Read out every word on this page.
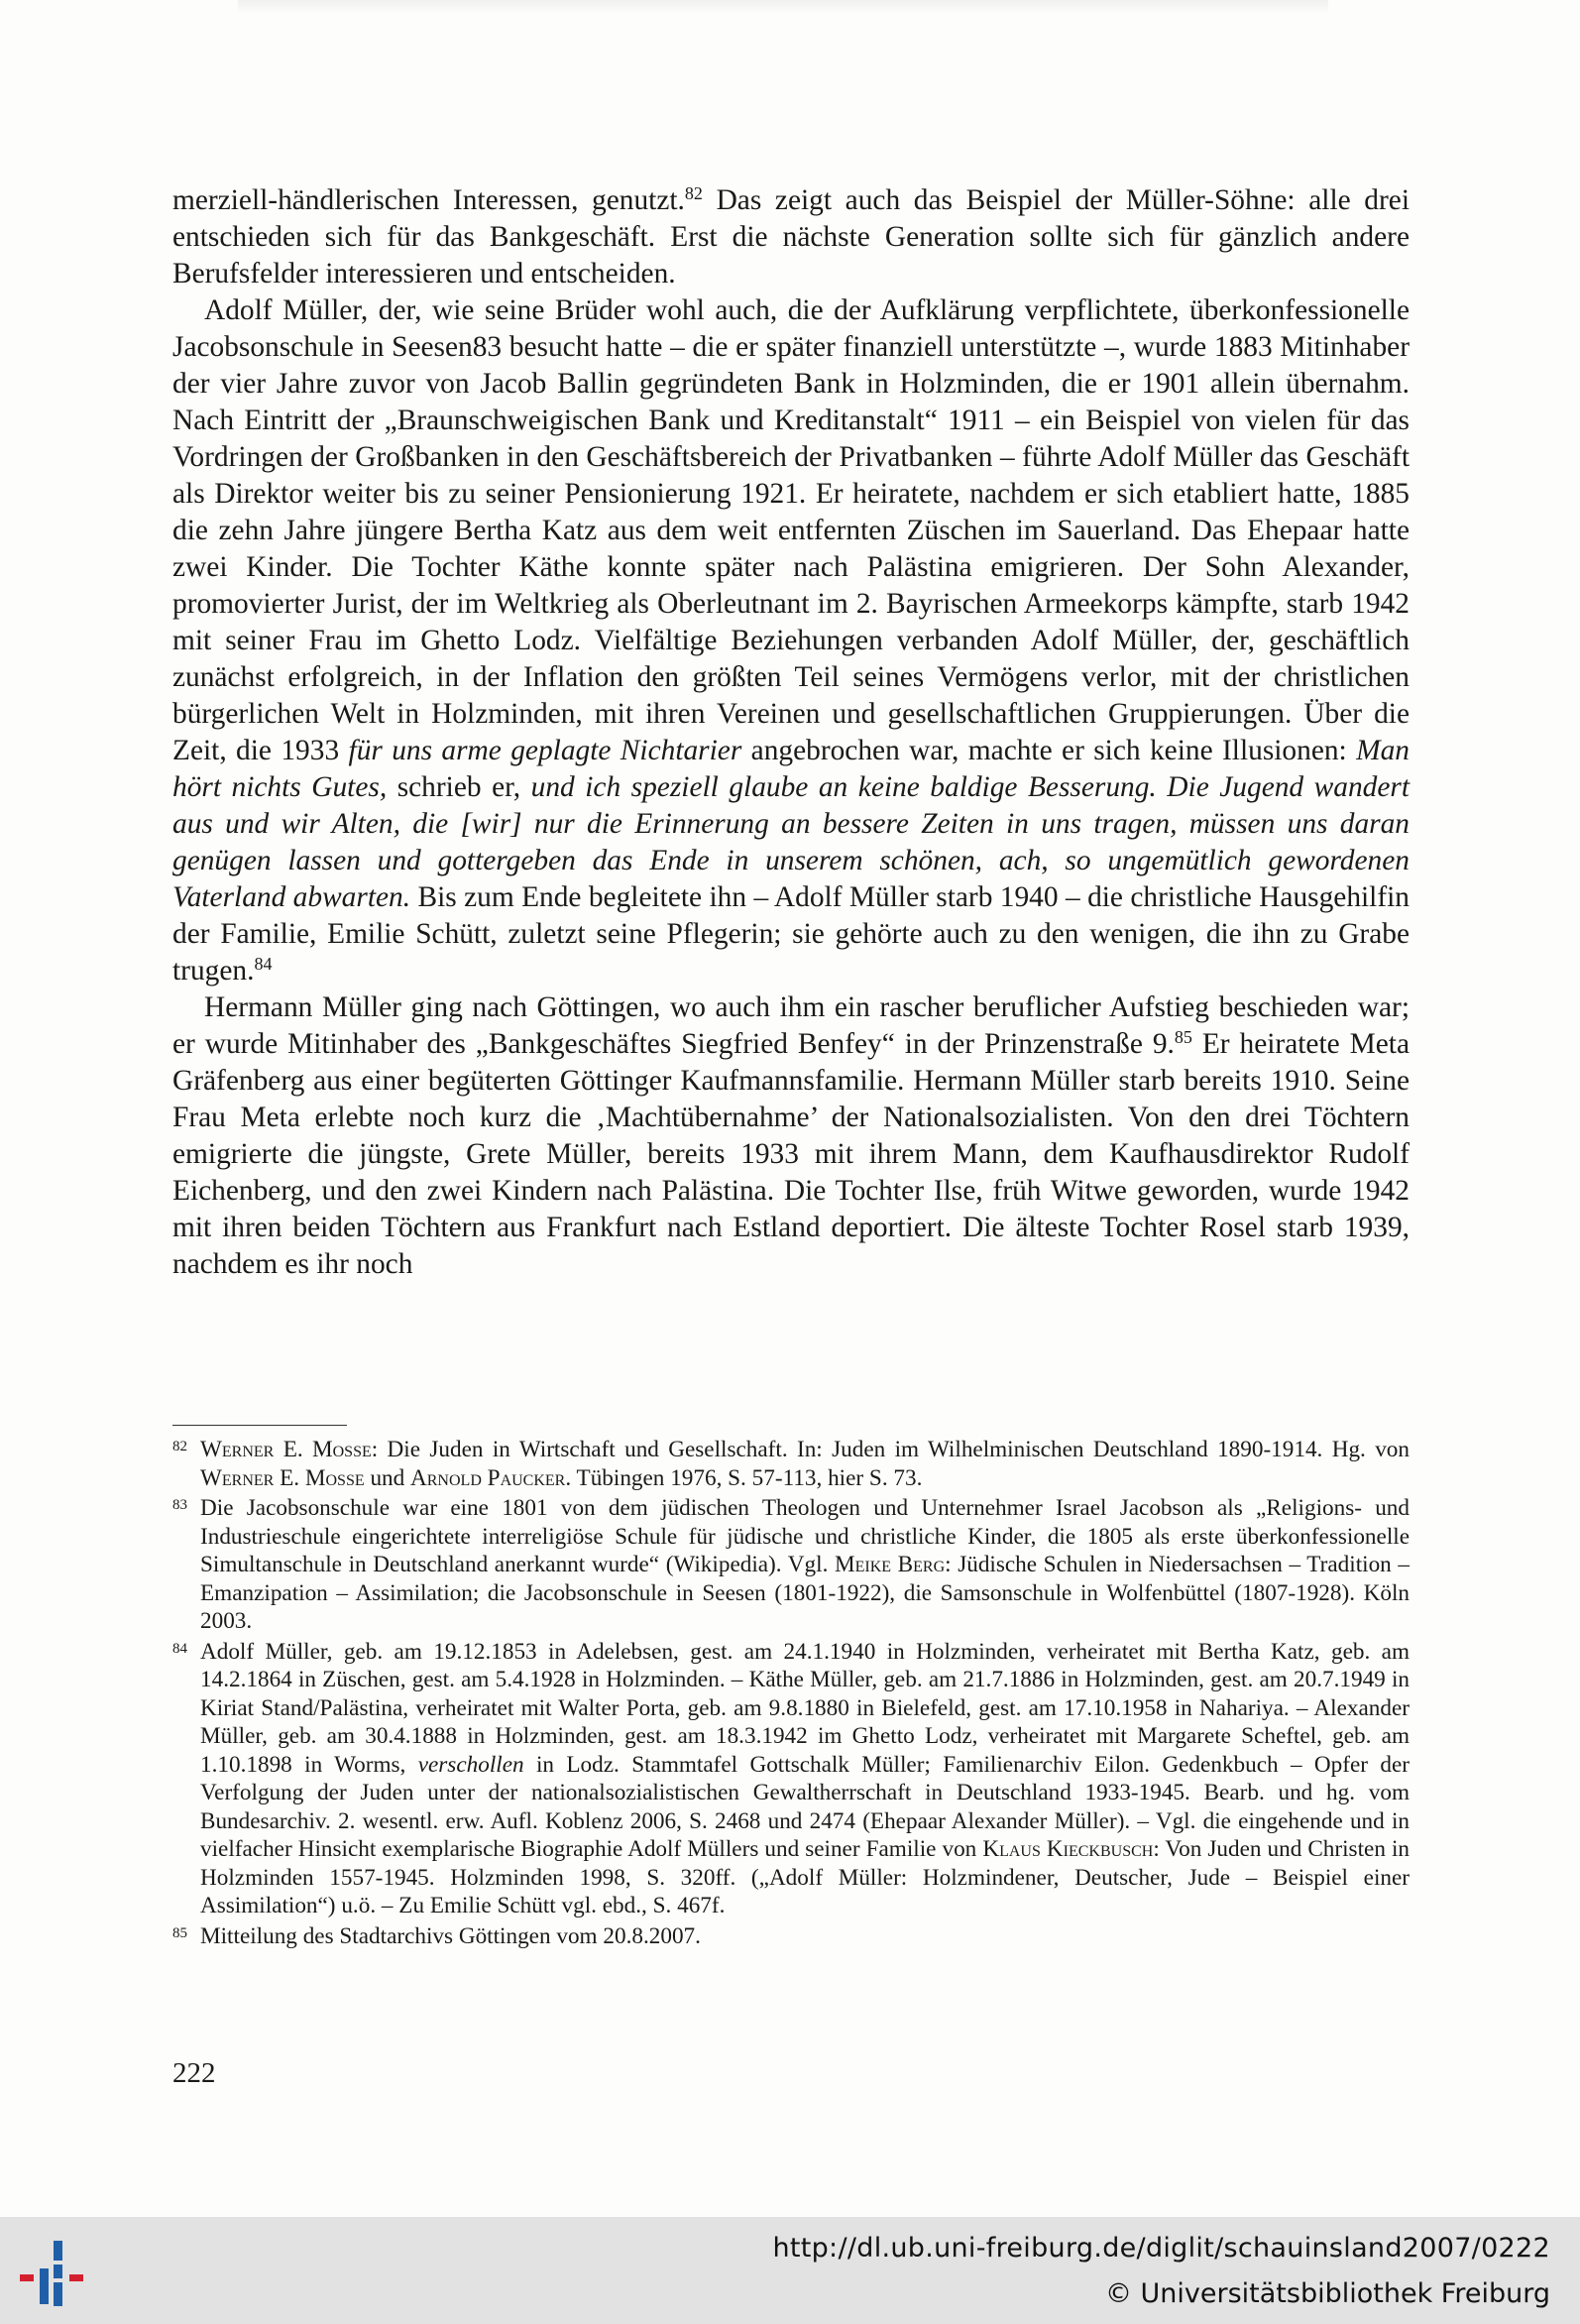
merziell-händlerischen Interessen, genutzt.$^{82}$ Das zeigt auch das Beispiel der Müller-Söhne: alle drei entschieden sich für das Bankgeschäft. Erst die nächste Generation sollte sich für gänzlich andere Berufsfelder interessieren und entscheiden.

Adolf Müller, der, wie seine Brüder wohl auch, die der Aufklärung verpflichtete, überkonfessionelle Jacobsonschule in Seesen83 besucht hatte – die er später finanziell unterstützte –, wurde 1883 Mitinhaber der vier Jahre zuvor von Jacob Ballin gegründeten Bank in Holzminden, die er 1901 allein übernahm. Nach Eintritt der „Braunschweigischen Bank und Kreditanstalt“ 1911 – ein Beispiel von vielen für das Vordringen der Großbanken in den Geschäftsbereich der Privatbanken – führte Adolf Müller das Geschäft als Direktor weiter bis zu seiner Pensionierung 1921. Er heiratete, nachdem er sich etabliert hatte, 1885 die zehn Jahre jüngere Bertha Katz aus dem weit entfernten Züschen im Sauerland. Das Ehepaar hatte zwei Kinder. Die Tochter Käthe konnte später nach Palästina emigrieren. Der Sohn Alexander, promovierter Jurist, der im Weltkrieg als Oberleutnant im 2. Bayrischen Armeekorps kämpfte, starb 1942 mit seiner Frau im Ghetto Lodz. Vielfältige Beziehungen verbanden Adolf Müller, der, geschäftlich zunächst erfolgreich, in der Inflation den größten Teil seines Vermögens verlor, mit der christlichen bürgerlichen Welt in Holzminden, mit ihren Vereinen und gesellschaftlichen Gruppierungen. Über die Zeit, die 1933 für uns arme geplagte Nichtarier angebrochen war, machte er sich keine Illusionen: Man hört nichts Gutes, schrieb er, und ich speziell glaube an keine baldige Besserung. Die Jugend wandert aus und wir Alten, die [wir] nur die Erinnerung an bessere Zeiten in uns tragen, müssen uns daran genügen lassen und gottergeben das Ende in unserem schönen, ach, so ungemütlich gewordenen Vaterland abwarten. Bis zum Ende begleitete ihn – Adolf Müller starb 1940 – die christliche Hausgehilfin der Familie, Emilie Schütt, zuletzt seine Pflegerin; sie gehörte auch zu den wenigen, die ihn zu Grabe trugen.$^{84}$

Hermann Müller ging nach Göttingen, wo auch ihm ein rascher beruflicher Aufstieg beschieden war; er wurde Mitinhaber des „Bankgeschäftes Siegfried Benfey“ in der Prinzenstraße 9.85 Er heiratete Meta Gräfenberg aus einer begüterten Göttinger Kaufmannsfamilie. Hermann Müller starb bereits 1910. Seine Frau Meta erlebte noch kurz die ‚Machtübernahme’ der Nationalsozialisten. Von den drei Töchtern emigrierte die jüngste, Grete Müller, bereits 1933 mit ihrem Mann, dem Kaufhausdirektor Rudolf Eichenberg, und den zwei Kindern nach Palästina. Die Tochter Ilse, früh Witwe geworden, wurde 1942 mit ihren beiden Töchtern aus Frankfurt nach Estland deportiert. Die älteste Tochter Rosel starb 1939, nachdem es ihr noch

82 Werner E. Mosse: Die Juden in Wirtschaft und Gesellschaft. In: Juden im Wilhelminischen Deutschland 1890-1914. Hg. von Werner E. Mosse und Arnold Paucker. Tübingen 1976, S. 57-113, hier S. 73.
83 Die Jacobsonschule war eine 1801 von dem jüdischen Theologen und Unternehmer Israel Jacobson als „Religions- und Industrieschule eingerichtete interreligiöse Schule für jüdische und christliche Kinder, die 1805 als erste überkonfessionelle Simultanschule in Deutschland anerkannt wurde“ (Wikipedia). Vgl. Meike Berg: Jüdische Schulen in Niedersachsen – Tradition – Emanzipation – Assimilation; die Jacobsonschule in Seesen (1801-1922), die Samsonschule in Wolfenbüttel (1807-1928). Köln 2003.
84 Adolf Müller, geb. am 19.12.1853 in Adelebsen, gest. am 24.1.1940 in Holzminden, verheiratet mit Bertha Katz, geb. am 14.2.1864 in Züschen, gest. am 5.4.1928 in Holzminden. – Käthe Müller, geb. am 21.7.1886 in Holzminden, gest. am 20.7.1949 in Kiriat Stand/Palästina, verheiratet mit Walter Porta, geb. am 9.8.1880 in Bielefeld, gest. am 17.10.1958 in Nahariya. – Alexander Müller, geb. am 30.4.1888 in Holzminden, gest. am 18.3.1942 im Ghetto Lodz, verheiratet mit Margarete Scheftel, geb. am 1.10.1898 in Worms, verschollen in Lodz. Stammtafel Gottschalk Müller; Familienarchiv Eilon. Gedenkbuch – Opfer der Verfolgung der Juden unter der nationalsozialistischen Gewaltherrschaft in Deutschland 1933-1945. Bearb. und hg. vom Bundesarchiv. 2. wesentl. erw. Aufl. Koblenz 2006, S. 2468 und 2474 (Ehepaar Alexander Müller). – Vgl. die eingehende und in vielfacher Hinsicht exemplarische Biographie Adolf Müllers und seiner Familie von Klaus Kieckbusch: Von Juden und Christen in Holzminden 1557-1945. Holzminden 1998, S. 320ff. („Adolf Müller: Holzmindener, Deutscher, Jude – Beispiel einer Assimilation“) u.ö. – Zu Emilie Schütt vgl. ebd., S. 467f.
85 Mitteilung des Stadtarchivs Göttingen vom 20.8.2007.
222
http://dl.ub.uni-freiburg.de/diglit/schauinsland2007/0222
© Universitätsbibliothek Freiburg
